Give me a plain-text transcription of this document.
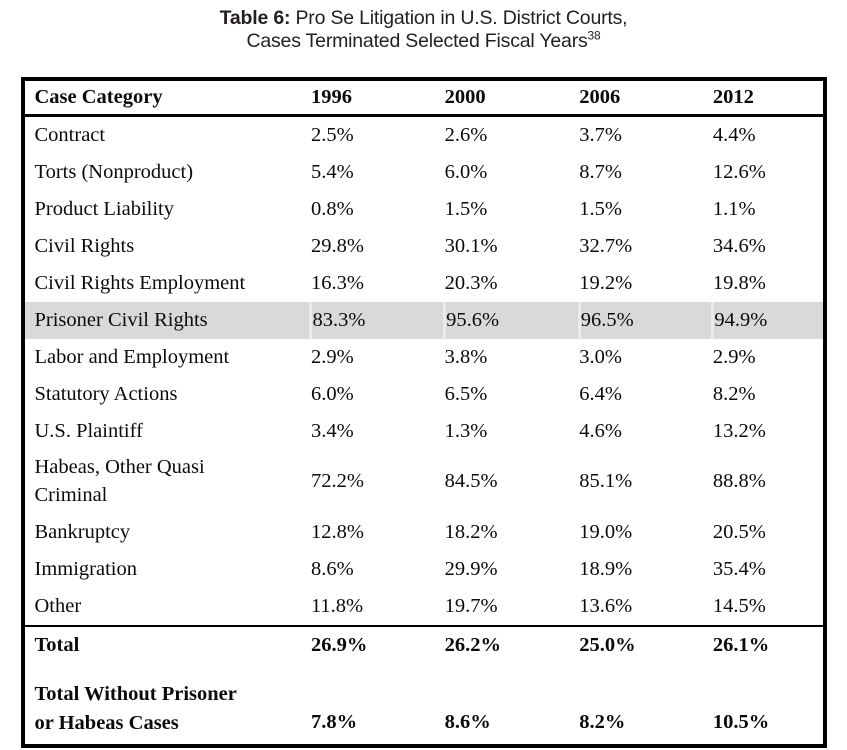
Table 6: Pro Se Litigation in U.S. District Courts,
Cases Terminated Selected Fiscal Years$^{38}$
Case Category	1996	2000	2006	2012
Contract	2.5%	2.6%	3.7%	4.4%
Torts (Nonproduct)	5.4%	6.0%	8.7%	12.6%
Product Liability	0.8%	1.5%	1.5%	1.1%
Civil Rights	29.8%	30.1%	32.7%	34.6%
Civil Rights Employment	16.3%	20.3%	19.2%	19.8%
Prisoner Civil Rights	83.3%	95.6%	96.5%	94.9%
Labor and Employment	2.9%	3.8%	3.0%	2.9%
Statutory Actions	6.0%	6.5%	6.4%	8.2%
U.S. Plaintiff	3.4%	1.3%	4.6%	13.2%
Habeas, Other Quasi
Criminal	72.2%	84.5%	85.1%	88.8%
Bankruptcy	12.8%	18.2%	19.0%	20.5%
Immigration	8.6%	29.9%	18.9%	35.4%
Other	11.8%	19.7%	13.6%	14.5%
Total	26.9%	26.2%	25.0%	26.1%
Total Without Prisoner
or Habeas Cases	7.8%	8.6%	8.2%	10.5%
